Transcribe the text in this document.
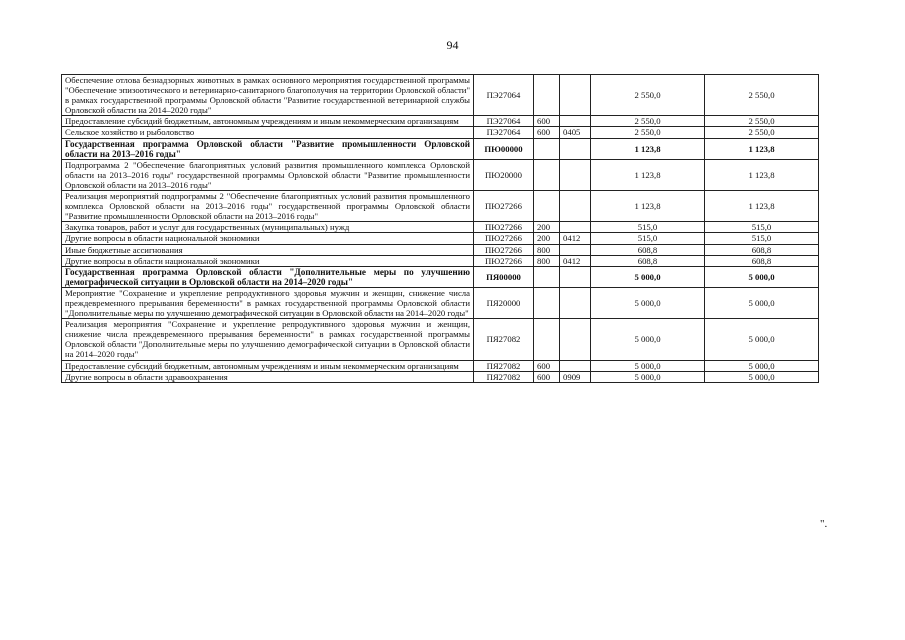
94
Обеспечение отлова безнадзорных животных в рамках основного мероприятия государственной программы "Обеспечение эпизоотического и ветеринарно-санитарного благополучия на территории Орловской области" в рамках государственной программы Орловской области "Развитие государственной ветеринарной службы Орловской области на 2014–2020 годы"	ПЭ27064			2 550,0	2 550,0
Предоставление субсидий бюджетным, автономным учреждениям и иным некоммерческим организациям	ПЭ27064	600		2 550,0	2 550,0
Сельское хозяйство и рыболовство	ПЭ27064	600	0405	2 550,0	2 550,0
Государственная программа Орловской области "Развитие промышленности Орловской области на 2013–2016 годы"	ПЮ00000			1 123,8	1 123,8
Подпрограмма 2 "Обеспечение благоприятных условий развития промышленного комплекса Орловской области на 2013–2016 годы" государственной программы Орловской области "Развитие промышленности Орловской области на 2013–2016 годы"	ПЮ20000			1 123,8	1 123,8
Реализация мероприятий подпрограммы 2 "Обеспечение благоприятных условий развития промышленного комплекса Орловской области на 2013–2016 годы" государственной программы Орловской области "Развитие промышленности Орловской области на 2013–2016 годы"	ПЮ27266			1 123,8	1 123,8
Закупка товаров, работ и услуг для государственных (муниципальных) нужд	ПЮ27266	200		515,0	515,0
Другие вопросы в области национальной экономики	ПЮ27266	200	0412	515,0	515,0
Иные бюджетные ассигнования	ПЮ27266	800		608,8	608,8
Другие вопросы в области национальной экономики	ПЮ27266	800	0412	608,8	608,8
Государственная программа Орловской области "Дополнительные меры по улучшению демографической ситуации в Орловской области на 2014–2020 годы"	ПЯ00000			5 000,0	5 000,0
Мероприятие "Сохранение и укрепление репродуктивного здоровья мужчин и женщин, снижение числа преждевременного прерывания беременности" в рамках государственной программы Орловской области "Дополнительные меры по улучшению демографической ситуации в Орловской области на 2014–2020 годы"	ПЯ20000			5 000,0	5 000,0
Реализация мероприятия "Сохранение и укрепление репродуктивного здоровья мужчин и женщин, снижение числа преждевременного прерывания беременности" в рамках государственной программы Орловской области "Дополнительные меры по улучшению демографической ситуации в Орловской области на 2014–2020 годы"	ПЯ27082			5 000,0	5 000,0
Предоставление субсидий бюджетным, автономным учреждениям и иным некоммерческим организациям	ПЯ27082	600		5 000,0	5 000,0
Другие вопросы в области здравоохранения	ПЯ27082	600	0909	5 000,0	5 000,0
".
